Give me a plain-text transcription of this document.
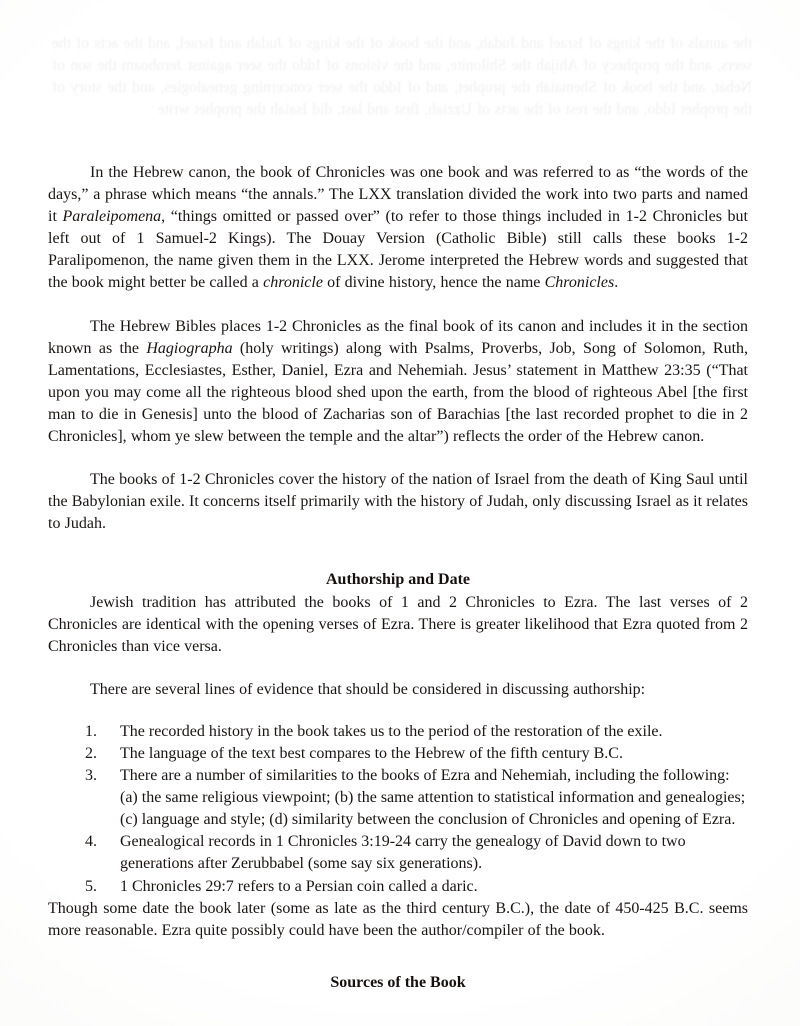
In the Hebrew canon, the book of Chronicles was one book and was referred to as “the words of the days,” a phrase which means “the annals.” The LXX translation divided the work into two parts and named it Paraleipomena, “things omitted or passed over” (to refer to those things included in 1-2 Chronicles but left out of 1 Samuel-2 Kings). The Douay Version (Catholic Bible) still calls these books 1-2 Paralipomenon, the name given them in the LXX. Jerome interpreted the Hebrew words and suggested that the book might better be called a chronicle of divine history, hence the name Chronicles.

The Hebrew Bibles places 1-2 Chronicles as the final book of its canon and includes it in the section known as the Hagiographa (holy writings) along with Psalms, Proverbs, Job, Song of Solomon, Ruth, Lamentations, Ecclesiastes, Esther, Daniel, Ezra and Nehemiah. Jesus’ statement in Matthew 23:35 (“That upon you may come all the righteous blood shed upon the earth, from the blood of righteous Abel [the first man to die in Genesis] unto the blood of Zacharias son of Barachias [the last recorded prophet to die in 2 Chronicles], whom ye slew between the temple and the altar”) reflects the order of the Hebrew canon.

The books of 1-2 Chronicles cover the history of the nation of Israel from the death of King Saul until the Babylonian exile. It concerns itself primarily with the history of Judah, only discussing Israel as it relates to Judah.

Authorship and Date

Jewish tradition has attributed the books of 1 and 2 Chronicles to Ezra. The last verses of 2 Chronicles are identical with the opening verses of Ezra. There is greater likelihood that Ezra quoted from 2 Chronicles than vice versa.

There are several lines of evidence that should be considered in discussing authorship:

1.	The recorded history in the book takes us to the period of the restoration of the exile.
2.	The language of the text best compares to the Hebrew of the fifth century B.C.
3.	There are a number of similarities to the books of Ezra and Nehemiah, including the following: (a) the same religious viewpoint; (b) the same attention to statistical information and genealogies; (c) language and style; (d) similarity between the conclusion of Chronicles and opening of Ezra.
4.	Genealogical records in 1 Chronicles 3:19-24 carry the genealogy of David down to two generations after Zerubbabel (some say six generations).
5.	1 Chronicles 29:7 refers to a Persian coin called a daric.

Though some date the book later (some as late as the third century B.C.), the date of 450-425 B.C. seems more reasonable. Ezra quite possibly could have been the author/compiler of the book.

Sources of the Book
